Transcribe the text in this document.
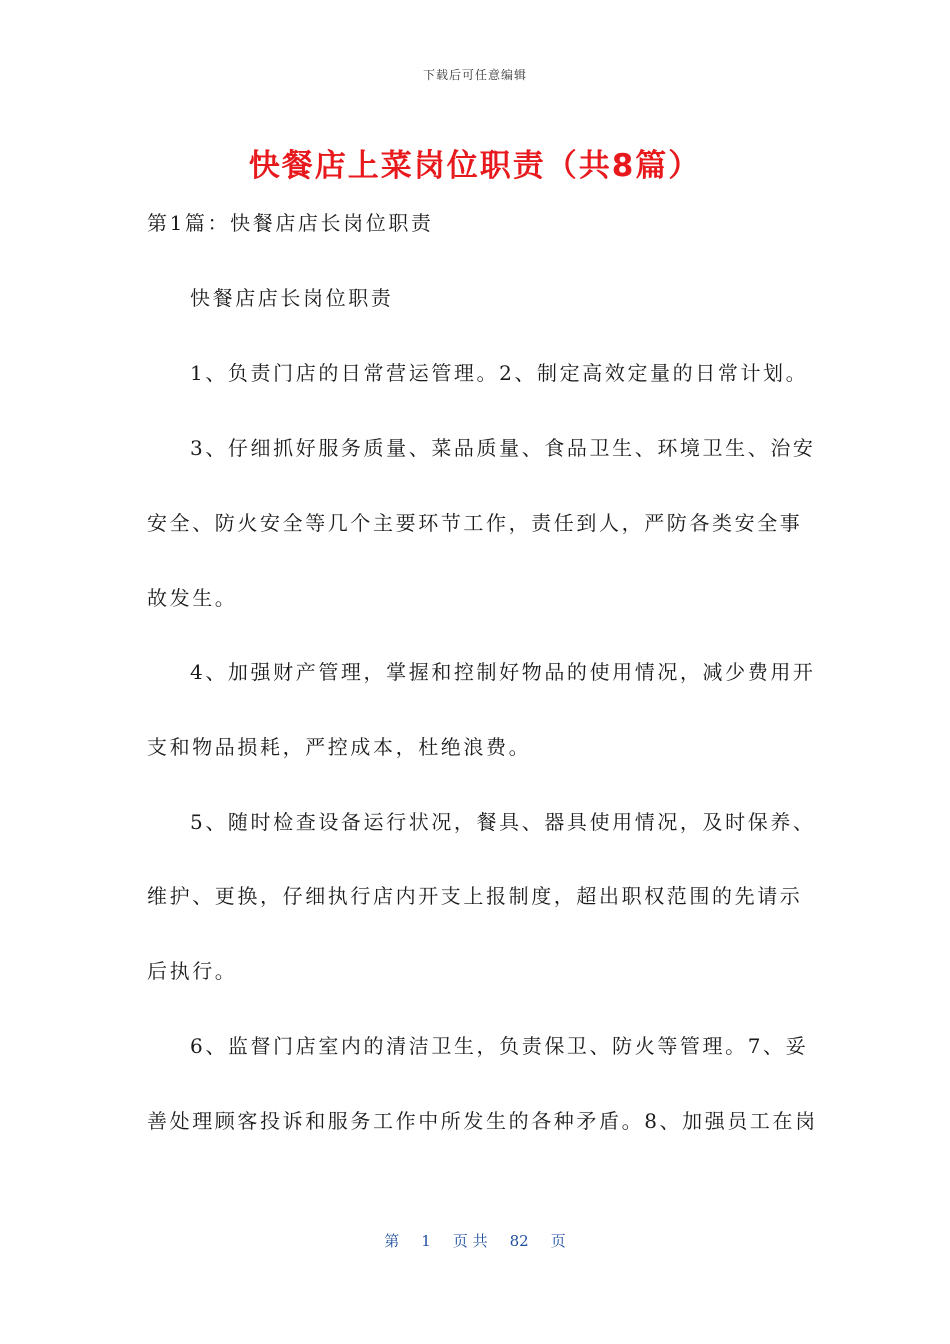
下载后可任意编辑
快餐店上菜岗位职责（共8篇）
第1篇：快餐店店长岗位职责
快餐店店长岗位职责
1、负责门店的日常营运管理。2、制定高效定量的日常计划。
3、仔细抓好服务质量、菜品质量、食品卫生、环境卫生、治安
安全、防火安全等几个主要环节工作，责任到人，严防各类安全事
故发生。
4、加强财产管理，掌握和控制好物品的使用情况，减少费用开
支和物品损耗，严控成本，杜绝浪费。
5、随时检查设备运行状况，餐具、器具使用情况，及时保养、
维护、更换，仔细执行店内开支上报制度，超出职权范围的先请示
后执行。
6、监督门店室内的清洁卫生，负责保卫、防火等管理。7、妥
善处理顾客投诉和服务工作中所发生的各种矛盾。8、加强员工在岗
第 1 页 共 82 页
